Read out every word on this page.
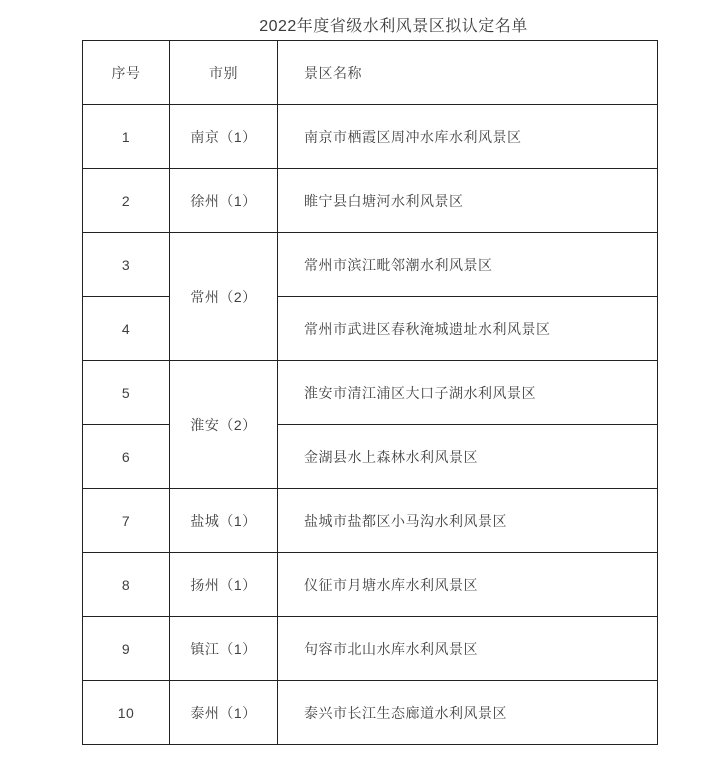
2022年度省级水利风景区拟认定名单
序号	市别	景区名称
1	南京（1）	南京市栖霞区周冲水库水利风景区
2	徐州（1）	睢宁县白塘河水利风景区
3	常州（2）	常州市滨江毗邻潮水利风景区
4		常州市武进区春秋淹城遗址水利风景区
5	淮安（2）	淮安市清江浦区大口子湖水利风景区
6		金湖县水上森林水利风景区
7	盐城（1）	盐城市盐都区小马沟水利风景区
8	扬州（1）	仪征市月塘水库水利风景区
9	镇江（1）	句容市北山水库水利风景区
10	泰州（1）	泰兴市长江生态廊道水利风景区
